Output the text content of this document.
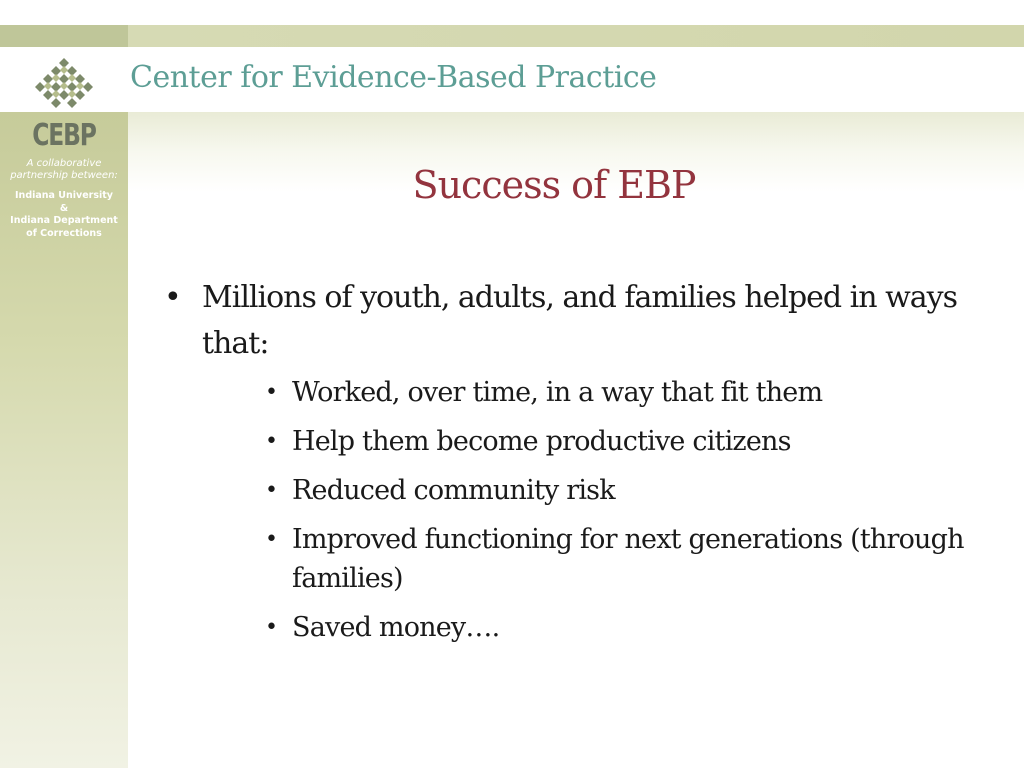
Center for Evidence-Based Practice
CEBP
A collaborative
partnership between:
Indiana University
&
Indiana Department
of Corrections
Success of EBP
• Millions of youth, adults, and families helped in ways that:
• Worked, over time, in a way that fit them
• Help them become productive citizens
• Reduced community risk
• Improved functioning for next generations (through families)
• Saved money….
